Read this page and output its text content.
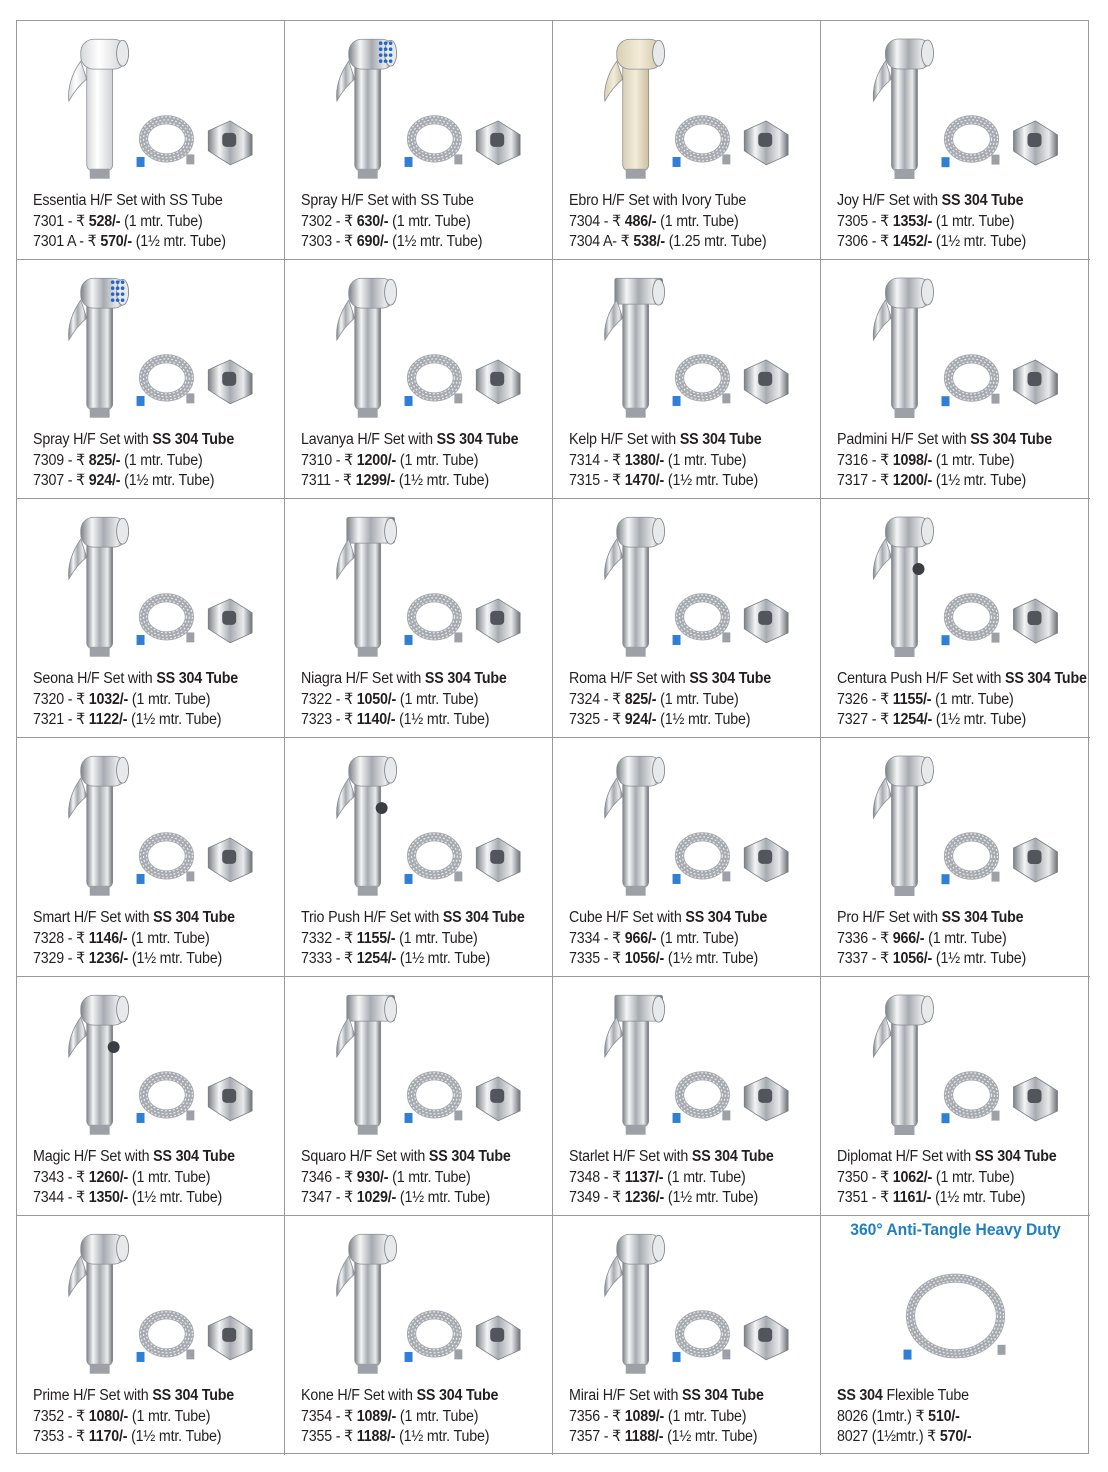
Essentia H/F Set with SS Tube
7301 - ₹ 528/- (1 mtr. Tube)
7301 A - ₹ 570/- (1½ mtr. Tube)
Spray H/F Set with SS Tube
7302 - ₹ 630/- (1 mtr. Tube)
7303 - ₹ 690/- (1½ mtr. Tube)
Ebro H/F Set with Ivory Tube
7304 - ₹ 486/- (1 mtr. Tube)
7304 A- ₹ 538/- (1.25 mtr. Tube)
Joy H/F Set with SS 304 Tube
7305 - ₹ 1353/- (1 mtr. Tube)
7306 - ₹ 1452/- (1½ mtr. Tube)
Spray H/F Set with SS 304 Tube
7309 - ₹ 825/- (1 mtr. Tube)
7307 - ₹ 924/- (1½ mtr. Tube)
Lavanya H/F Set with SS 304 Tube
7310 - ₹ 1200/- (1 mtr. Tube)
7311 - ₹ 1299/- (1½ mtr. Tube)
Kelp H/F Set with SS 304 Tube
7314 - ₹ 1380/- (1 mtr. Tube)
7315 - ₹ 1470/- (1½ mtr. Tube)
Padmini H/F Set with SS 304 Tube
7316 - ₹ 1098/- (1 mtr. Tube)
7317 - ₹ 1200/- (1½ mtr. Tube)
Seona H/F Set with SS 304 Tube
7320 - ₹ 1032/- (1 mtr. Tube)
7321 - ₹ 1122/- (1½ mtr. Tube)
Niagra H/F Set with SS 304 Tube
7322 - ₹ 1050/- (1 mtr. Tube)
7323 - ₹ 1140/- (1½ mtr. Tube)
Roma H/F Set with SS 304 Tube
7324 - ₹ 825/- (1 mtr. Tube)
7325 - ₹ 924/- (1½ mtr. Tube)
Centura Push H/F Set with SS 304 Tube
7326 - ₹ 1155/- (1 mtr. Tube)
7327 - ₹ 1254/- (1½ mtr. Tube)
Smart H/F Set with SS 304 Tube
7328 - ₹ 1146/- (1 mtr. Tube)
7329 - ₹ 1236/- (1½ mtr. Tube)
Trio Push H/F Set with SS 304 Tube
7332 - ₹ 1155/- (1 mtr. Tube)
7333 - ₹ 1254/- (1½ mtr. Tube)
Cube H/F Set with SS 304 Tube
7334 - ₹ 966/- (1 mtr. Tube)
7335 - ₹ 1056/- (1½ mtr. Tube)
Pro H/F Set with SS 304 Tube
7336 - ₹ 966/- (1 mtr. Tube)
7337 - ₹ 1056/- (1½ mtr. Tube)
Magic H/F Set with SS 304 Tube
7343 - ₹ 1260/- (1 mtr. Tube)
7344 - ₹ 1350/- (1½ mtr. Tube)
Squaro H/F Set with SS 304 Tube
7346 - ₹ 930/- (1 mtr. Tube)
7347 - ₹ 1029/- (1½ mtr. Tube)
Starlet H/F Set with SS 304 Tube
7348 - ₹ 1137/- (1 mtr. Tube)
7349 - ₹ 1236/- (1½ mtr. Tube)
Diplomat H/F Set with SS 304 Tube
7350 - ₹ 1062/- (1 mtr. Tube)
7351 - ₹ 1161/- (1½ mtr. Tube)
Prime H/F Set with SS 304 Tube
7352 - ₹ 1080/- (1 mtr. Tube)
7353 - ₹ 1170/- (1½ mtr. Tube)
Kone H/F Set with SS 304 Tube
7354 - ₹ 1089/- (1 mtr. Tube)
7355 - ₹ 1188/- (1½ mtr. Tube)
Mirai H/F Set with SS 304 Tube
7356 - ₹ 1089/- (1 mtr. Tube)
7357 - ₹ 1188/- (1½ mtr. Tube)
360° Anti-Tangle Heavy Duty
SS 304 Flexible Tube
8026 (1mtr.) ₹ 510/-
8027 (1½mtr.) ₹ 570/-
